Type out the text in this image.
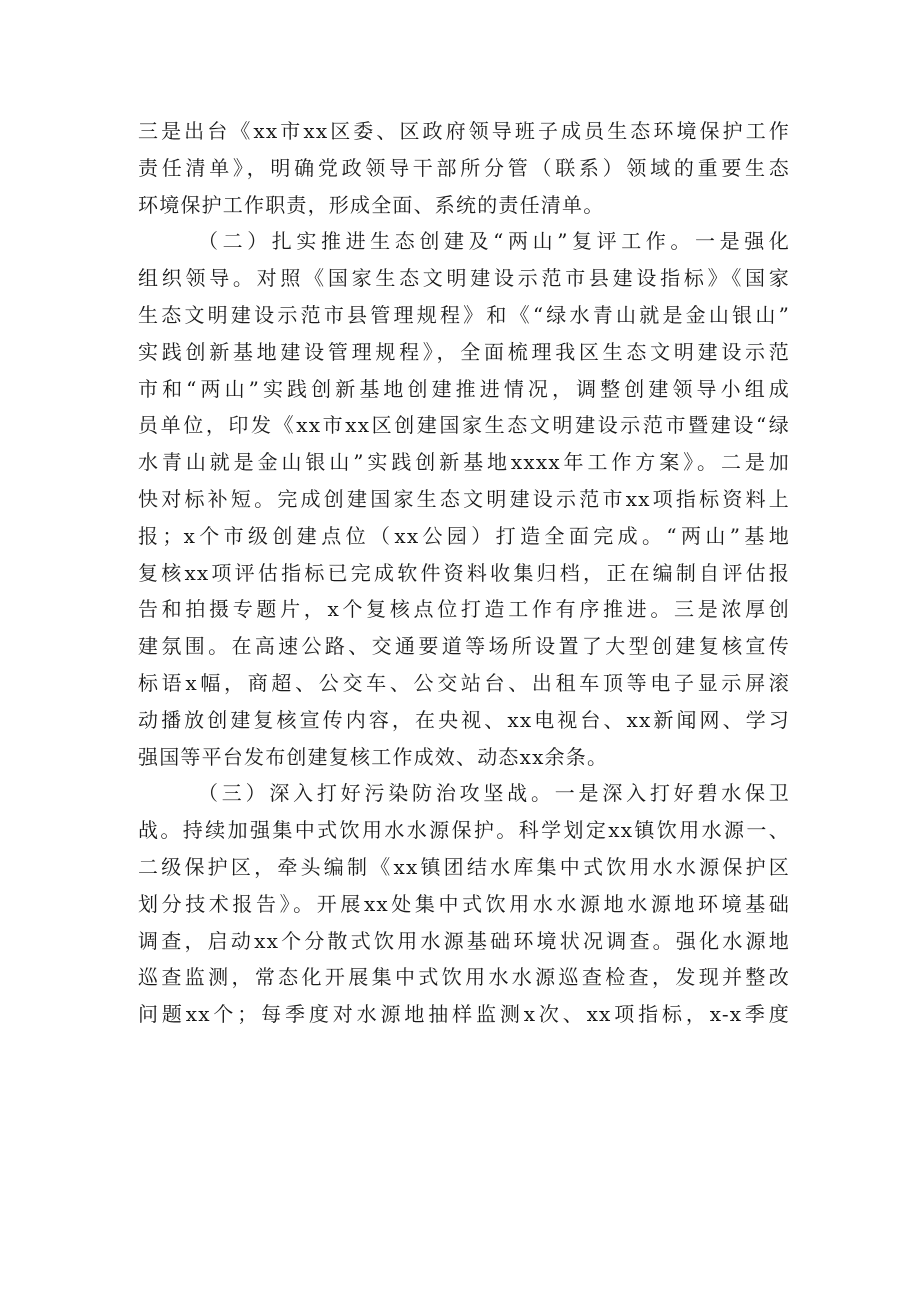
三是出台《xx市xx区委、区政府领导班子成员生态环境保护工作
责任清单》，明确党政领导干部所分管（联系）领域的重要生态
环境保护工作职责，形成全面、系统的责任清单。

（二）扎实推进生态创建及“两山”复评工作。一是强化
组织领导。对照《国家生态文明建设示范市县建设指标》《国家
生态文明建设示范市县管理规程》和《“绿水青山就是金山银山”
实践创新基地建设管理规程》，全面梳理我区生态文明建设示范
市和“两山”实践创新基地创建推进情况，调整创建领导小组成
员单位，印发《xx市xx区创建国家生态文明建设示范市暨建设“绿
水青山就是金山银山”实践创新基地xxxx年工作方案》。二是加
快对标补短。完成创建国家生态文明建设示范市xx项指标资料上
报；x个市级创建点位（xx公园）打造全面完成。“两山”基地
复核xx项评估指标已完成软件资料收集归档，正在编制自评估报
告和拍摄专题片，x个复核点位打造工作有序推进。三是浓厚创
建氛围。在高速公路、交通要道等场所设置了大型创建复核宣传
标语x幅，商超、公交车、公交站台、出租车顶等电子显示屏滚
动播放创建复核宣传内容，在央视、xx电视台、xx新闻网、学习
强国等平台发布创建复核工作成效、动态xx余条。

（三）深入打好污染防治攻坚战。一是深入打好碧水保卫
战。持续加强集中式饮用水水源保护。科学划定xx镇饮用水源一、
二级保护区，牵头编制《xx镇团结水库集中式饮用水水源保护区
划分技术报告》。开展xx处集中式饮用水水源地水源地环境基础
调查，启动xx个分散式饮用水源基础环境状况调查。强化水源地
巡查监测，常态化开展集中式饮用水水源巡查检查，发现并整改
问题xx个；每季度对水源地抽样监测x次、xx项指标，x-x季度
